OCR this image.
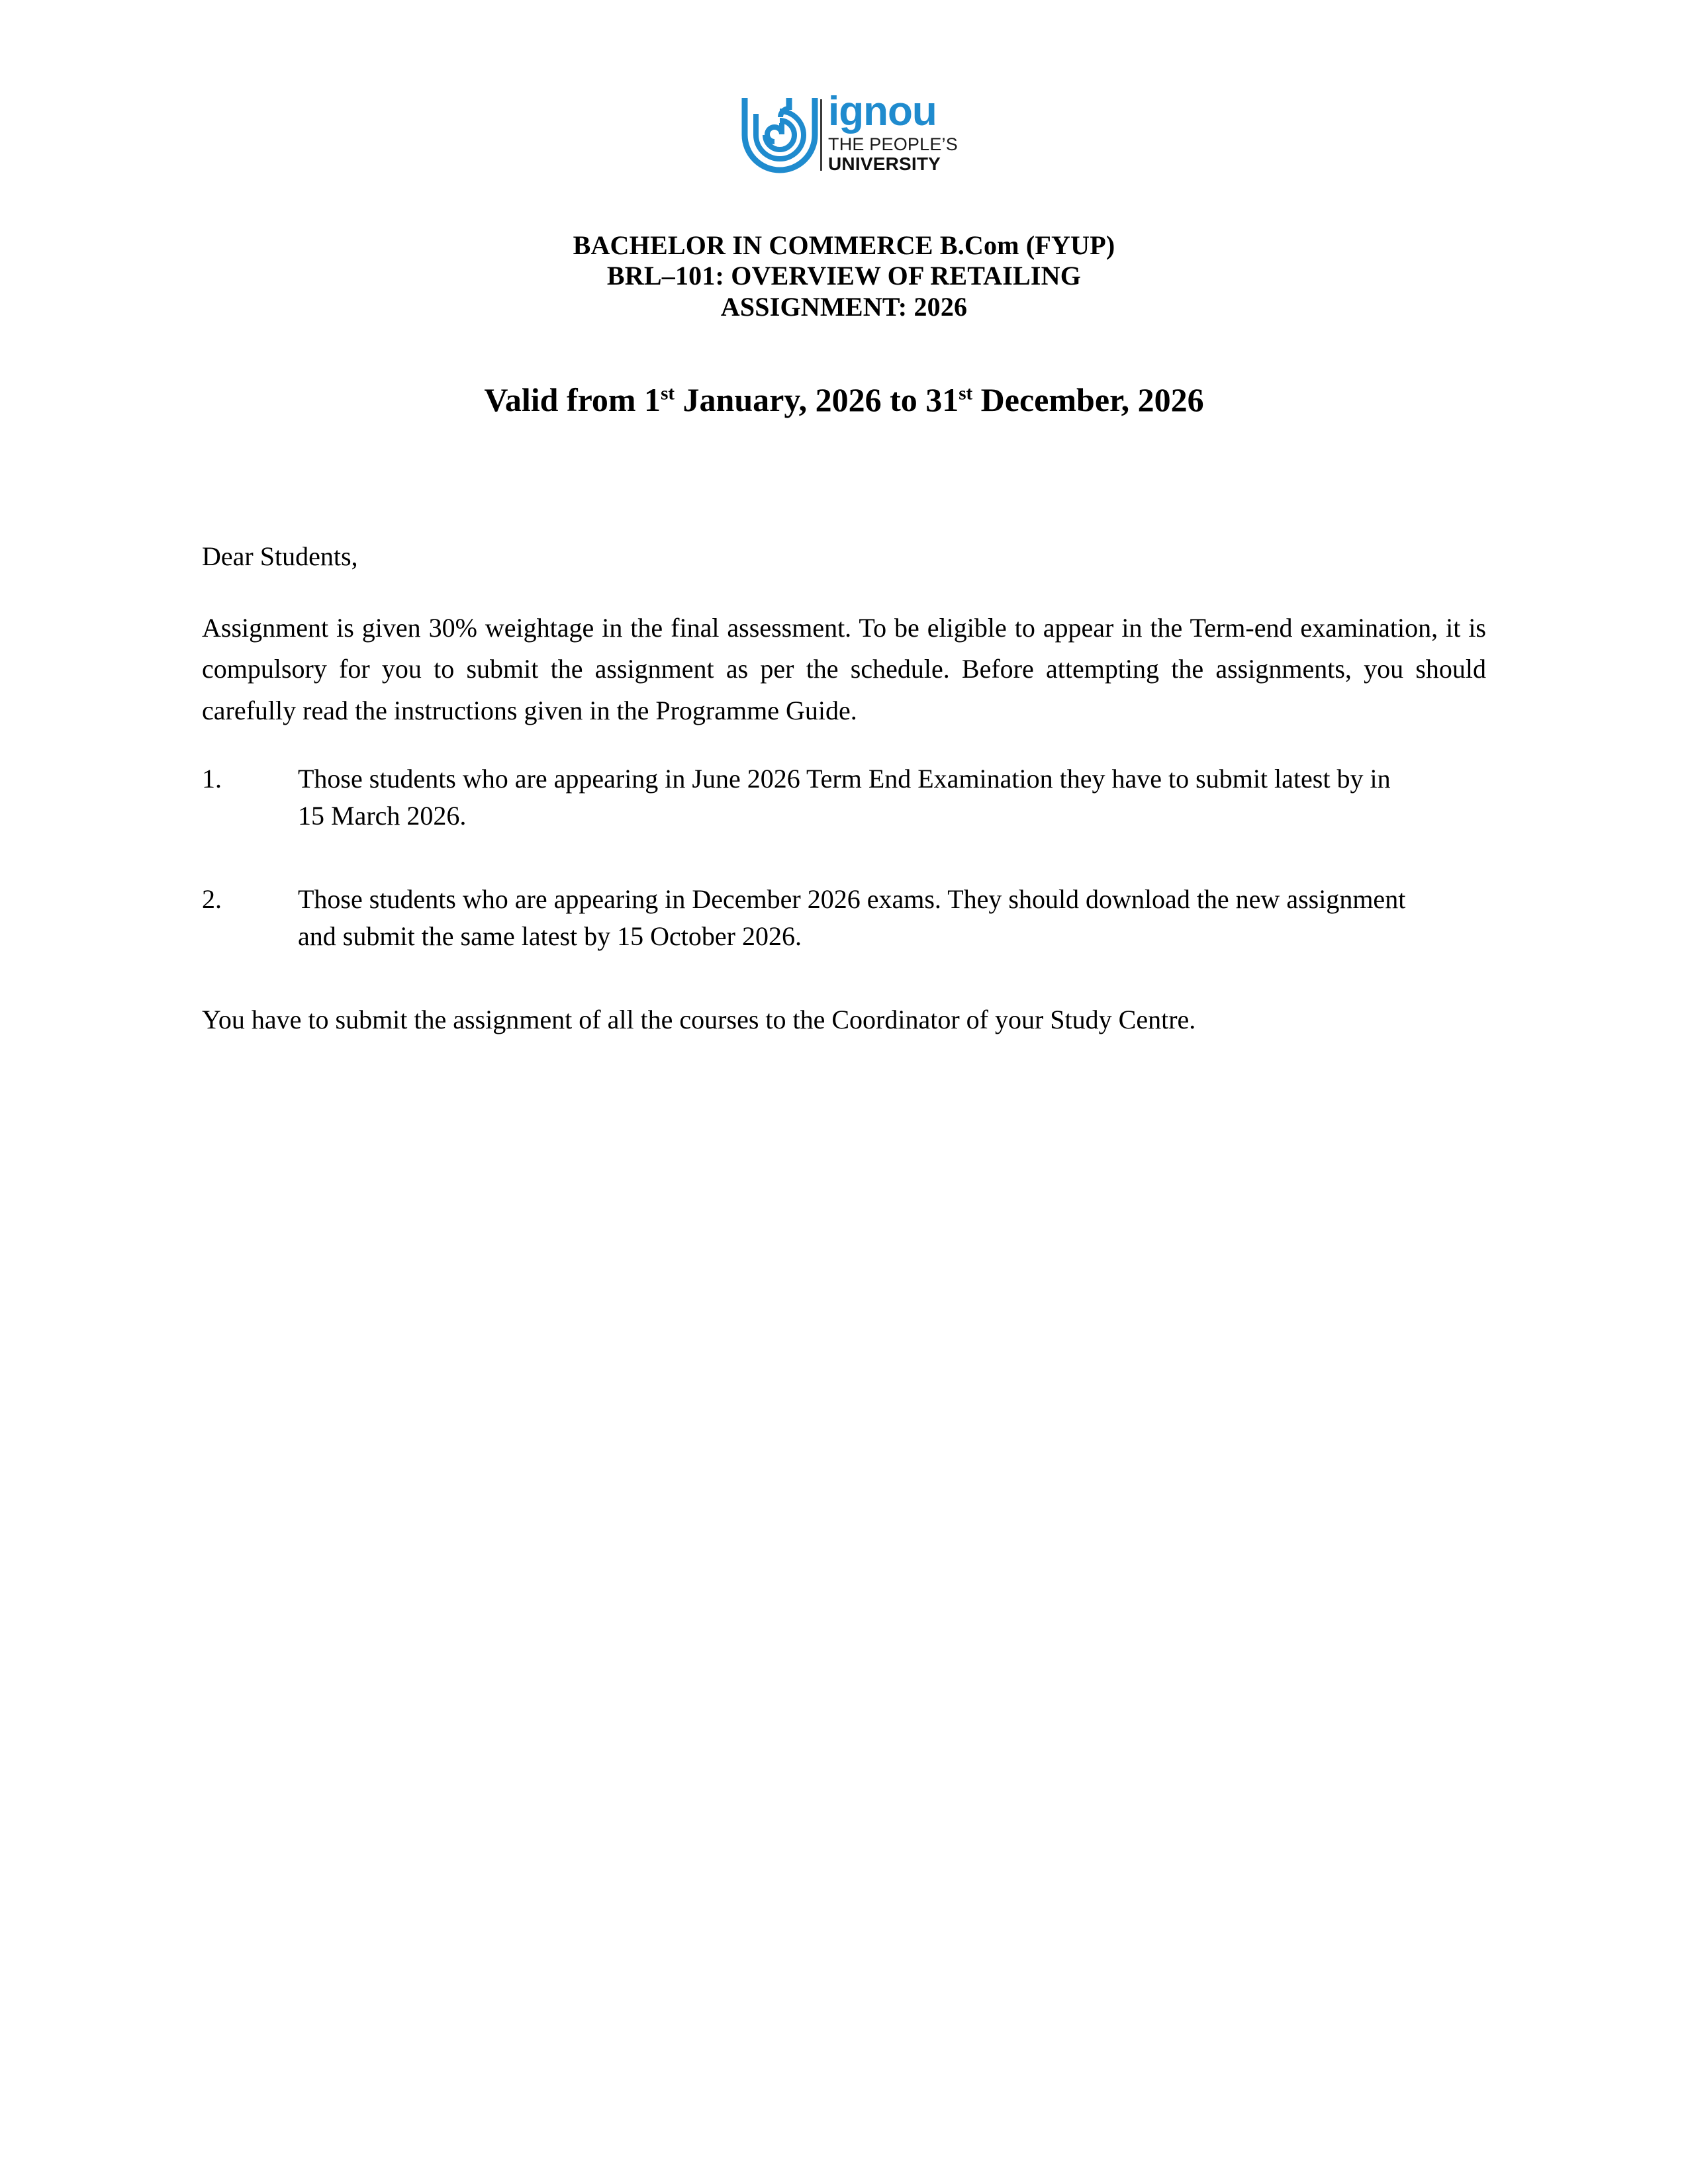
ignou
THE PEOPLE’S
UNIVERSITY
BACHELOR IN COMMERCE B.Com (FYUP)
BRL–101: OVERVIEW OF RETAILING
ASSIGNMENT: 2026
Valid from 1st January, 2026 to 31st December, 2026

Dear Students,

Assignment is given 30% weightage in the final assessment. To be eligible to appear in the Term-end examination, it is compulsory for you to submit the assignment as per the schedule. Before attempting the assignments, you should carefully read the instructions given in the Programme Guide.

1.	Those students who are appearing in June 2026 Term End Examination they have to submit latest by in 15 March 2026.
2.	Those students who are appearing in December 2026 exams. They should download the new assignment and submit the same latest by 15 October 2026.

You have to submit the assignment of all the courses to the Coordinator of your Study Centre.
